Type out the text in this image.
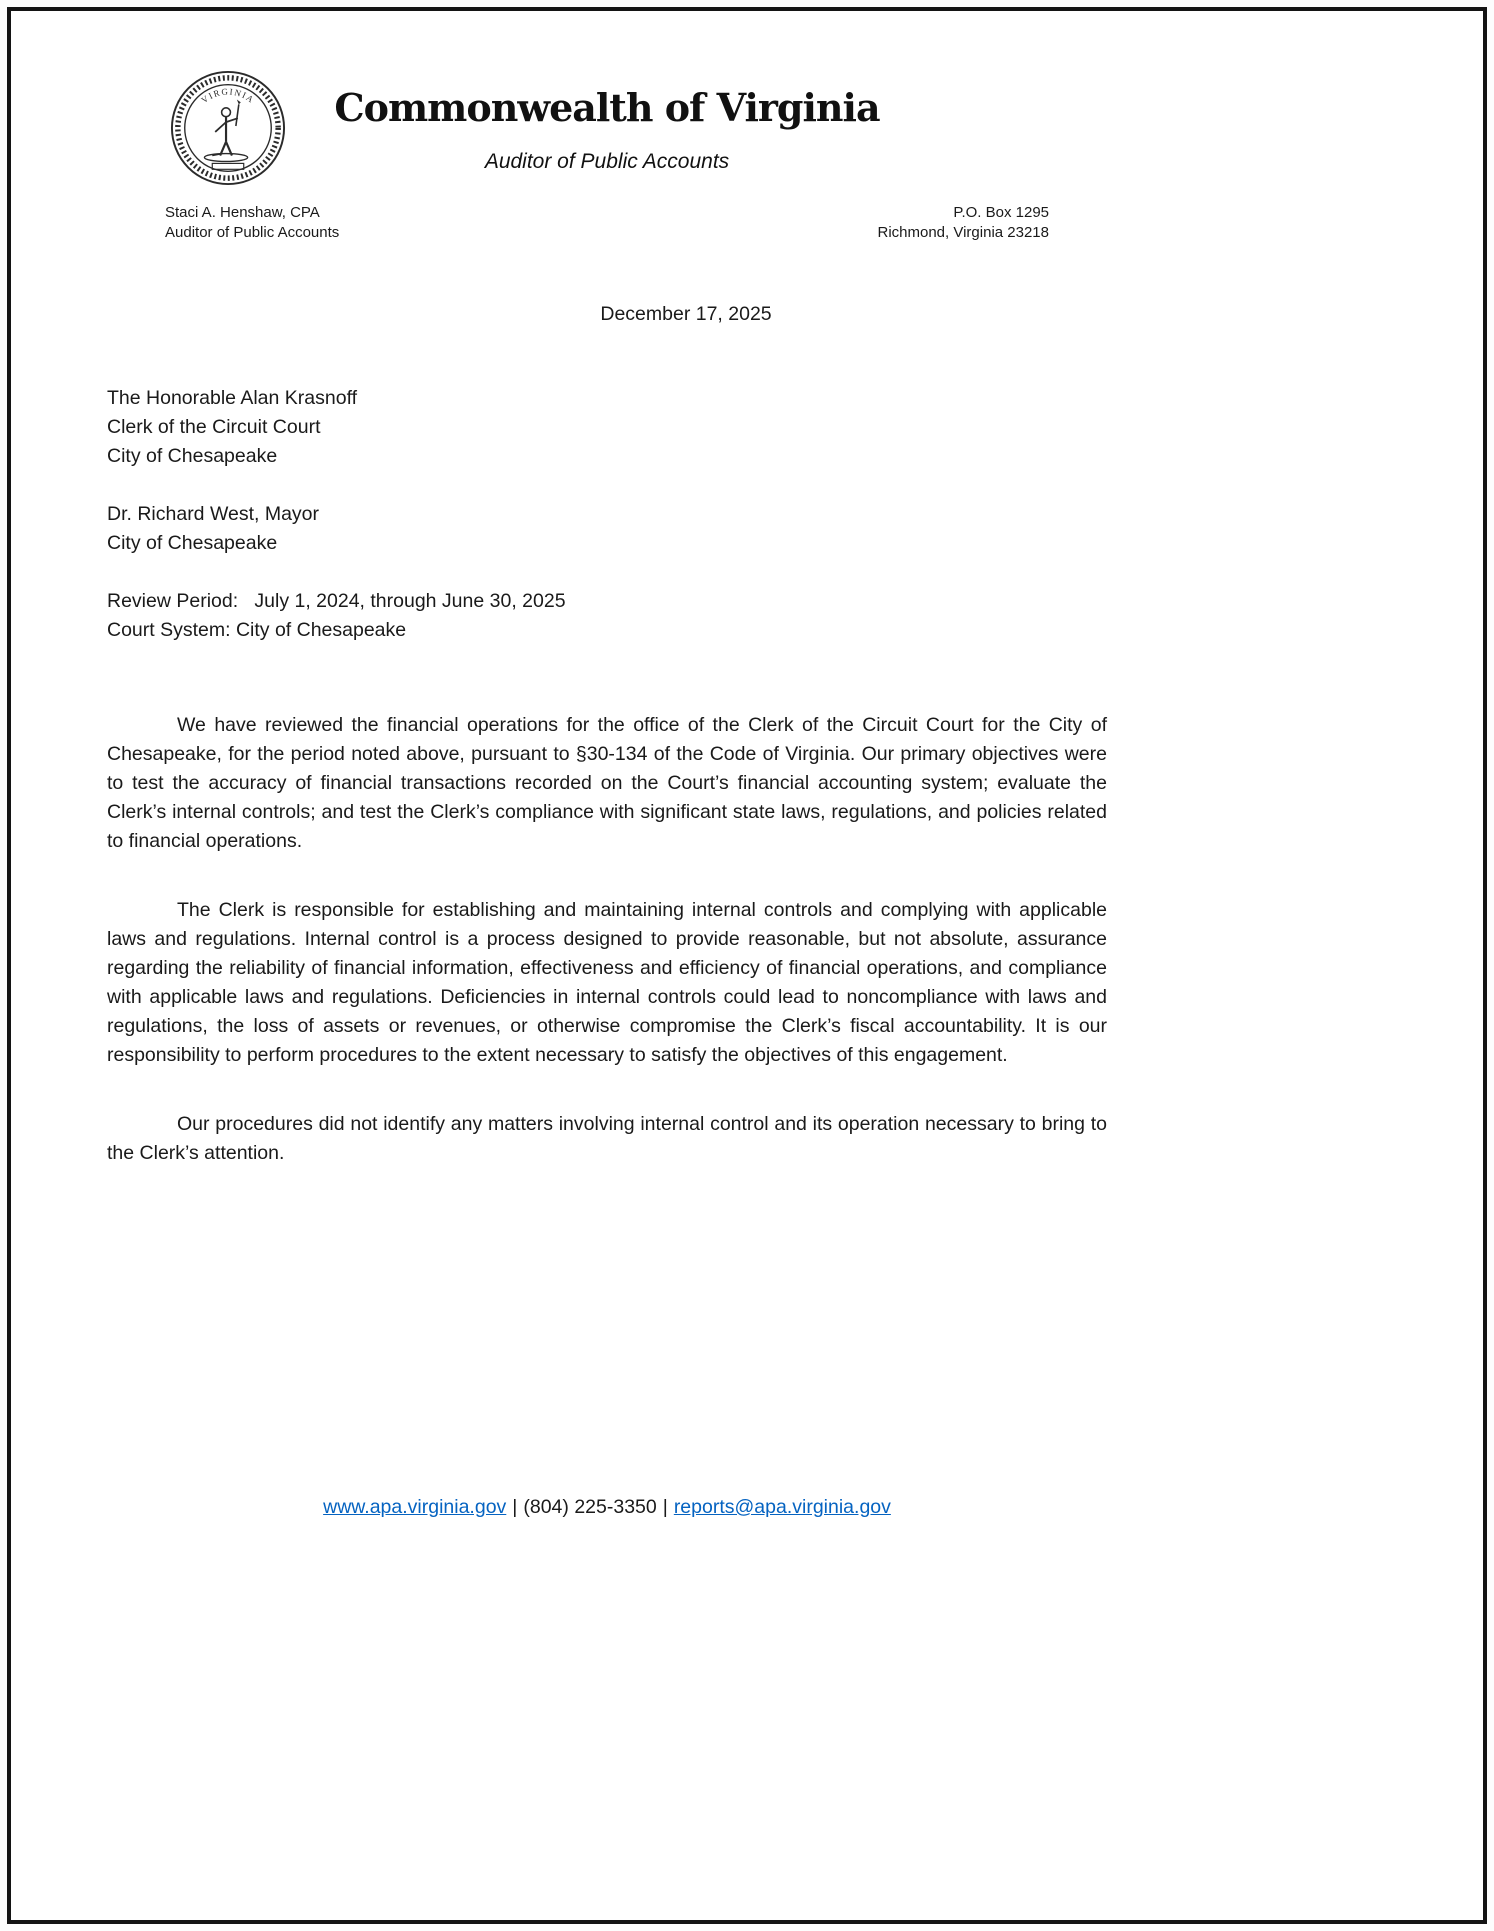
VIRGINIA	Commonwealth of Virginia
Auditor of Public Accounts
Staci A. Henshaw, CPA
Auditor of Public Accounts
P.O. Box 1295
Richmond, Virginia 23218
December 17, 2025
The Honorable Alan Krasnoff
Clerk of the Circuit Court
City of Chesapeake
Dr. Richard West, Mayor
City of Chesapeake
Review Period:   July 1, 2024, through June 30, 2025
Court System: City of Chesapeake

We have reviewed the financial operations for the office of the Clerk of the Circuit Court for the City of Chesapeake, for the period noted above, pursuant to §30-134 of the Code of Virginia. Our primary objectives were to test the accuracy of financial transactions recorded on the Court’s financial accounting system; evaluate the Clerk’s internal controls; and test the Clerk’s compliance with significant state laws, regulations, and policies related to financial operations.

The Clerk is responsible for establishing and maintaining internal controls and complying with applicable laws and regulations. Internal control is a process designed to provide reasonable, but not absolute, assurance regarding the reliability of financial information, effectiveness and efficiency of financial operations, and compliance with applicable laws and regulations. Deficiencies in internal controls could lead to noncompliance with laws and regulations, the loss of assets or revenues, or otherwise compromise the Clerk’s fiscal accountability. It is our responsibility to perform procedures to the extent necessary to satisfy the objectives of this engagement.

Our procedures did not identify any matters involving internal control and its operation necessary to bring to the Clerk’s attention.

www.apa.virginia.gov | (804) 225-3350 | reports@apa.virginia.gov
